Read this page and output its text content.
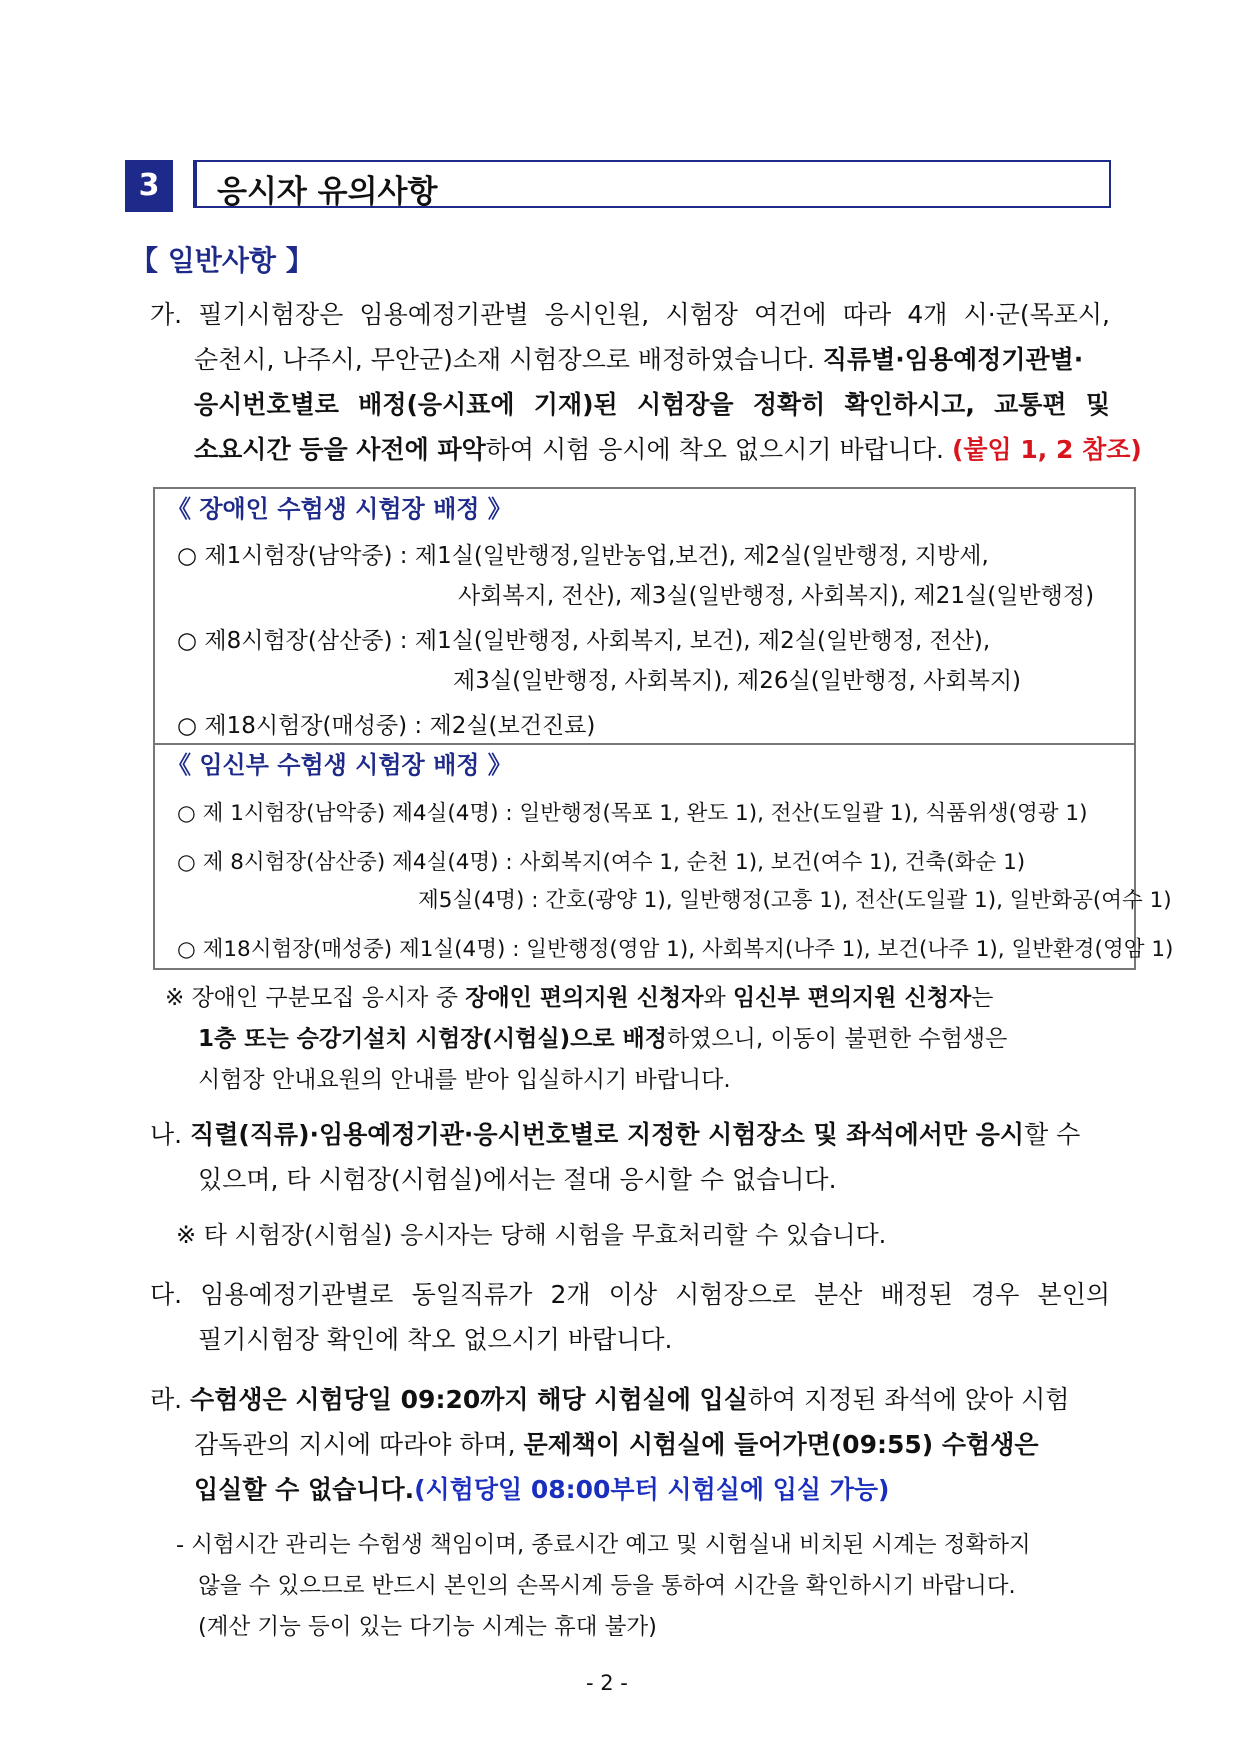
3	응시자 유의사항
【 일반사항 】
가. 필기시험장은 임용예정기관별 응시인원, 시험장 여건에 따라 4개 시·군(목포시,
순천시, 나주시, 무안군)소재 시험장으로 배정하였습니다. 직류별·임용예정기관별·
응시번호별로 배정(응시표에 기재)된 시험장을 정확히 확인하시고, 교통편 및
소요시간 등을 사전에 파악하여 시험 응시에 착오 없으시기 바랍니다. (붙임 1, 2 참조)
《 장애인 수험생 시험장 배정 》
○ 제1시험장(남악중) : 제1실(일반행정,일반농업,보건), 제2실(일반행정, 지방세,
사회복지, 전산), 제3실(일반행정, 사회복지), 제21실(일반행정)
○ 제8시험장(삼산중) : 제1실(일반행정, 사회복지, 보건), 제2실(일반행정, 전산),
제3실(일반행정, 사회복지), 제26실(일반행정, 사회복지)
○ 제18시험장(매성중) : 제2실(보건진료)
《 임신부 수험생 시험장 배정 》
○ 제 1시험장(남악중) 제4실(4명) : 일반행정(목포 1, 완도 1), 전산(도일괄 1), 식품위생(영광 1)
○ 제 8시험장(삼산중) 제4실(4명) : 사회복지(여수 1, 순천 1), 보건(여수 1), 건축(화순 1)
제5실(4명) : 간호(광양 1), 일반행정(고흥 1), 전산(도일괄 1), 일반화공(여수 1)
○ 제18시험장(매성중) 제1실(4명) : 일반행정(영암 1), 사회복지(나주 1), 보건(나주 1), 일반환경(영암 1)
※ 장애인 구분모집 응시자 중 장애인 편의지원 신청자와 임신부 편의지원 신청자는
1층 또는 승강기설치 시험장(시험실)으로 배정하였으니, 이동이 불편한 수험생은
시험장 안내요원의 안내를 받아 입실하시기 바랍니다.
나. 직렬(직류)·임용예정기관·응시번호별로 지정한 시험장소 및 좌석에서만 응시할 수
있으며, 타 시험장(시험실)에서는 절대 응시할 수 없습니다.
※ 타 시험장(시험실) 응시자는 당해 시험을 무효처리할 수 있습니다.
다. 임용예정기관별로 동일직류가 2개 이상 시험장으로 분산 배정된 경우 본인의
필기시험장 확인에 착오 없으시기 바랍니다.
라. 수험생은 시험당일 09:20까지 해당 시험실에 입실하여 지정된 좌석에 앉아 시험
감독관의 지시에 따라야 하며, 문제책이 시험실에 들어가면(09:55) 수험생은
입실할 수 없습니다.(시험당일 08:00부터 시험실에 입실 가능)
- 시험시간 관리는 수험생 책임이며, 종료시간 예고 및 시험실내 비치된 시계는 정확하지
않을 수 있으므로 반드시 본인의 손목시계 등을 통하여 시간을 확인하시기 바랍니다.
(계산 기능 등이 있는 다기능 시계는 휴대 불가)
- 2 -
